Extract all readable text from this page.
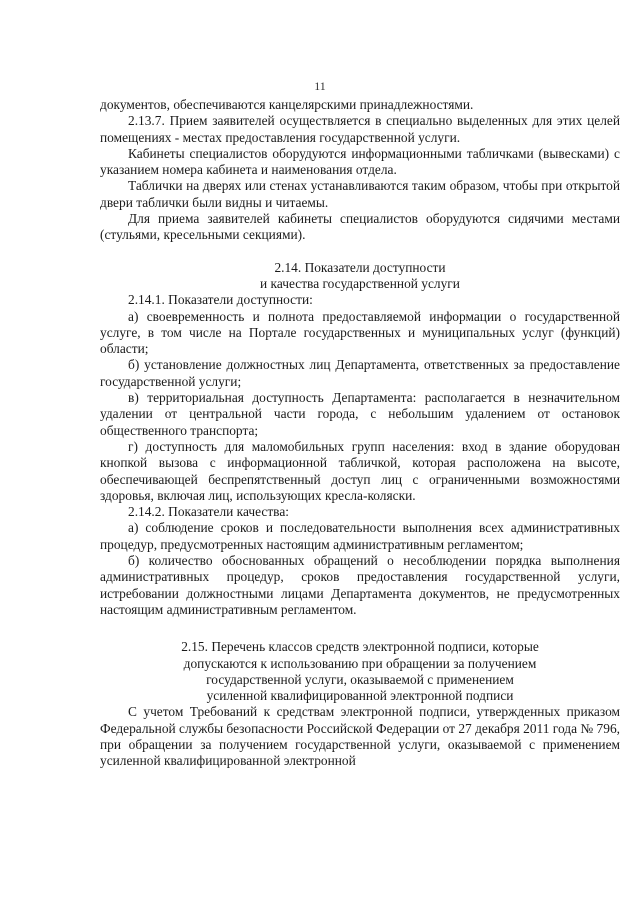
11

документов, обеспечиваются канцелярскими принадлежностями.

2.13.7. Прием заявителей осуществляется в специально выделенных для этих целей помещениях - местах предоставления государственной услуги.

Кабинеты специалистов оборудуются информационными табличками (вывесками) с указанием номера кабинета и наименования отдела.

Таблички на дверях или стенах устанавливаются таким образом, чтобы при открытой двери таблички были видны и читаемы.

Для приема заявителей кабинеты специалистов оборудуются сидячими местами (стульями, кресельными секциями).

2.14. Показатели доступности

и качества государственной услуги

2.14.1. Показатели доступности:

а) своевременность и полнота предоставляемой информации о государственной услуге, в том числе на Портале государственных и муниципальных услуг (функций) области;

б) установление должностных лиц Департамента, ответственных за предоставление государственной услуги;

в) территориальная доступность Департамента: располагается в незначительном удалении от центральной части города, с небольшим удалением от остановок общественного транспорта;

г) доступность для маломобильных групп населения: вход в здание оборудован кнопкой вызова с информационной табличкой, которая расположена на высоте, обеспечивающей беспрепятственный доступ лиц с ограниченными возможностями здоровья, включая лиц, использующих кресла-коляски.

2.14.2. Показатели качества:

а) соблюдение сроков и последовательности выполнения всех административных процедур, предусмотренных настоящим административным регламентом;

б) количество обоснованных обращений о несоблюдении порядка выполнения административных процедур, сроков предоставления государственной услуги, истребовании должностными лицами Департамента документов, не предусмотренных настоящим административным регламентом.

2.15. Перечень классов средств электронной подписи, которые

допускаются к использованию при обращении за получением

государственной услуги, оказываемой с применением

усиленной квалифицированной электронной подписи

С учетом Требований к средствам электронной подписи, утвержденных приказом Федеральной службы безопасности Российской Федерации от 27 декабря 2011 года № 796, при обращении за получением государственной услуги, оказываемой с применением усиленной квалифицированной электронной
